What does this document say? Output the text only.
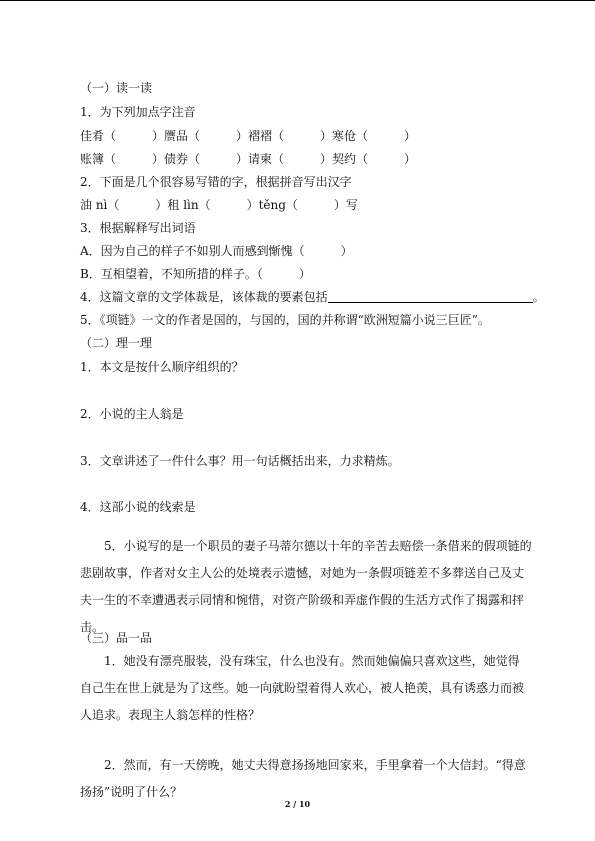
（一）读一读
1．为下列加点字注音
佳肴（　　　）赝品（　　　）褶褶（　　　）寒伧（　　　）
账簿（　　　）债券（　　　）请柬（　　　）契约（　　　）
2．下面是几个很容易写错的字，根据拼音写出汉字
油 nì（　　　）租 lìn（　　　）těng（　　　）写
3．根据解释写出词语
A．因为自己的样子不如别人而感到惭愧（　　　）
B．互相望着，不知所措的样子。（　　　）
4．这篇文章的文学体裁是，该体裁的要素包括	。
5．《项链》一文的作者是国的，与国的，国的并称谓“欧洲短篇小说三巨匠”。
（二）理一理
1．本文是按什么顺序组织的？
2．小说的主人翁是
3．文章讲述了一件什么事？用一句话概括出来，力求精炼。
4．这部小说的线索是
5．小说写的是一个职员的妻子马蒂尔德以十年的辛苦去赔偿一条借来的假项链的悲剧故事，作者对女主人公的处境表示遗憾，对她为一条假项链差不多葬送自己及丈夫一生的不幸遭遇表示同情和惋惜，对资产阶级和弄虚作假的生活方式作了揭露和抨击。
（三）品一品
1．她没有漂亮服装，没有珠宝，什么也没有。然而她偏偏只喜欢这些，她觉得自己生在世上就是为了这些。她一向就盼望着得人欢心，被人艳羡，具有诱惑力而被人追求。表现主人翁怎样的性格？
2．然而，有一天傍晚，她丈夫得意扬扬地回家来，手里拿着一个大信封。“得意扬扬”说明了什么？
2 / 10
